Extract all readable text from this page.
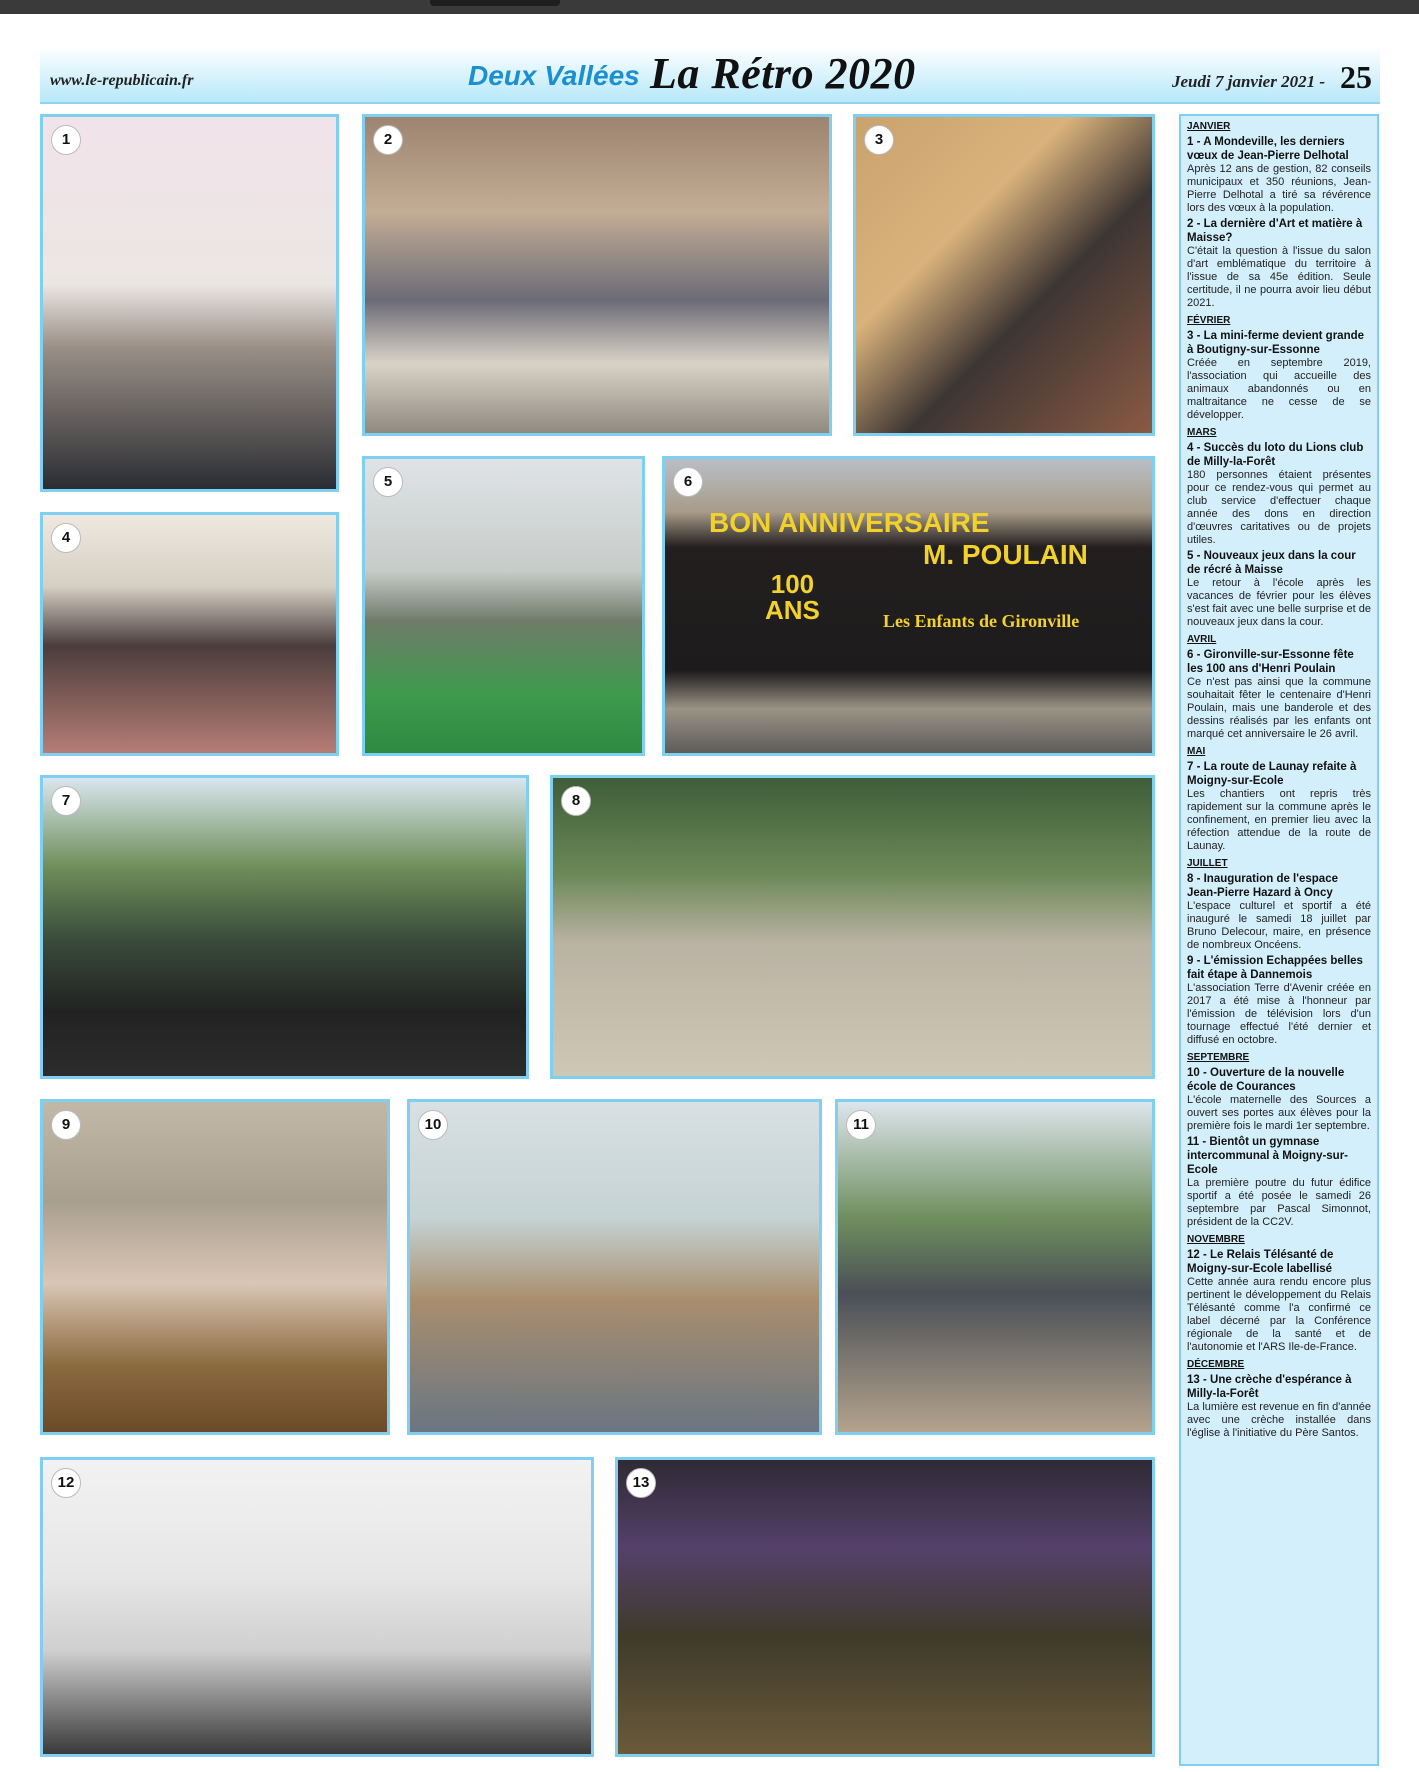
www.le-republicain.fr	Deux Vallées La Rétro 2020	Jeudi 7 janvier 2021 - 25
1	2	3
4
5	6
BON ANNIVERSAIRE
M. POULAIN
100
ANS	Les Enfants de Gironville
7	8
9	10	11
12	13
JANVIER
1 - A Mondeville, les derniers vœux de Jean-Pierre Delhotal
Après 12 ans de gestion, 82 conseils municipaux et 350 réunions, Jean-Pierre Delhotal a tiré sa révérence lors des vœux à la population.
2 - La dernière d'Art et matière à Maisse?
C'était la question à l'issue du salon d'art emblématique du territoire à l'issue de sa 45e édition. Seule certitude, il ne pourra avoir lieu début 2021.
FÉVRIER
3 - La mini-ferme devient grande à Boutigny-sur-Essonne
Créée en septembre 2019, l'association qui accueille des animaux abandonnés ou en maltraitance ne cesse de se développer.
MARS
4 - Succès du loto du Lions club de Milly-la-Forêt
180 personnes étaient présentes pour ce rendez-vous qui permet au club service d'effectuer chaque année des dons en direction d'œuvres caritatives ou de projets utiles.
5 - Nouveaux jeux dans la cour de récré à Maisse
Le retour à l'école après les vacances de février pour les élèves s'est fait avec une belle surprise et de nouveaux jeux dans la cour.
AVRIL
6 - Gironville-sur-Essonne fête les 100 ans d'Henri Poulain
Ce n'est pas ainsi que la commune souhaitait fêter le centenaire d'Henri Poulain, mais une banderole et des dessins réalisés par les enfants ont marqué cet anniversaire le 26 avril.
MAI
7 - La route de Launay refaite à Moigny-sur-Ecole
Les chantiers ont repris très rapidement sur la commune après le confinement, en premier lieu avec la réfection attendue de la route de Launay.
JUILLET
8 - Inauguration de l'espace Jean-Pierre Hazard à Oncy
L'espace culturel et sportif a été inauguré le samedi 18 juillet par Bruno Delecour, maire, en présence de nombreux Oncéens.
9 - L'émission Echappées belles fait étape à Dannemois
L'association Terre d'Avenir créée en 2017 a été mise à l'honneur par l'émission de télévision lors d'un tournage effectué l'été dernier et diffusé en octobre.
SEPTEMBRE
10 - Ouverture de la nouvelle école de Courances
L'école maternelle des Sources a ouvert ses portes aux élèves pour la première fois le mardi 1er septembre.
11 - Bientôt un gymnase intercommunal à Moigny-sur-Ecole
La première poutre du futur édifice sportif a été posée le samedi 26 septembre par Pascal Simonnot, président de la CC2V.
NOVEMBRE
12 - Le Relais Télésanté de Moigny-sur-Ecole labellisé
Cette année aura rendu encore plus pertinent le développement du Relais Télésanté comme l'a confirmé ce label décerné par la Conférence régionale de la santé et de l'autonomie et l'ARS Ile-de-France.
DÉCEMBRE
13 - Une crèche d'espérance à Milly-la-Forêt
La lumière est revenue en fin d'année avec une crèche installée dans l'église à l'initiative du Père Santos.
